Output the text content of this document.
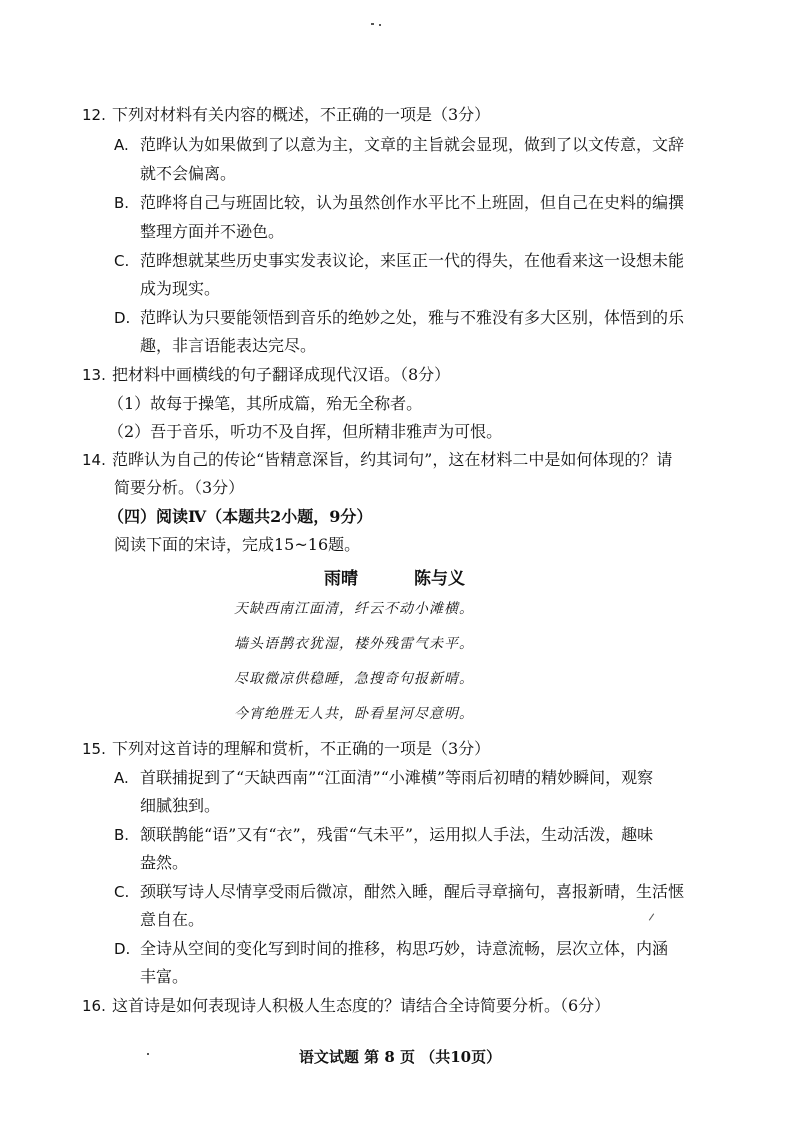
12. 下列对材料有关内容的概述，不正确的一项是（3分）
A. 范晔认为如果做到了以意为主，文章的主旨就会显现，做到了以文传意，文辞
就不会偏离。
B. 范晔将自己与班固比较，认为虽然创作水平比不上班固，但自己在史料的编撰
整理方面并不逊色。
C. 范晔想就某些历史事实发表议论，来匡正一代的得失，在他看来这一设想未能
成为现实。
D. 范晔认为只要能领悟到音乐的绝妙之处，雅与不雅没有多大区别，体悟到的乐
趣，非言语能表达完尽。
13. 把材料中画横线的句子翻译成现代汉语。（8分）
（1）故每于操笔，其所成篇，殆无全称者。
（2）吾于音乐，听功不及自挥，但所精非雅声为可恨。
14. 范晔认为自己的传论“皆精意深旨，约其词句”，这在材料二中是如何体现的？请
简要分析。（3分）
（四）阅读Ⅳ（本题共2小题，9分）
阅读下面的宋诗，完成15~16题。
雨晴	陈与义
天缺西南江面清，纤云不动小滩横。
墙头语鹊衣犹湿，楼外残雷气未平。
尽取微凉供稳睡，急搜奇句报新晴。
今宵绝胜无人共，卧看星河尽意明。
15. 下列对这首诗的理解和赏析，不正确的一项是（3分）
A. 首联捕捉到了“天缺西南”“江面清”“小滩横”等雨后初晴的精妙瞬间，观察
细腻独到。
B. 颔联鹊能“语”又有“衣”，残雷“气未平”，运用拟人手法，生动活泼，趣味
盎然。
C. 颈联写诗人尽情享受雨后微凉，酣然入睡，醒后寻章摘句，喜报新晴，生活惬
意自在。
D. 全诗从空间的变化写到时间的推移，构思巧妙，诗意流畅，层次立体，内涵
丰富。
16. 这首诗是如何表现诗人积极人生态度的？请结合全诗简要分析。（6分）
语文试题 第 8 页 （共10页）
